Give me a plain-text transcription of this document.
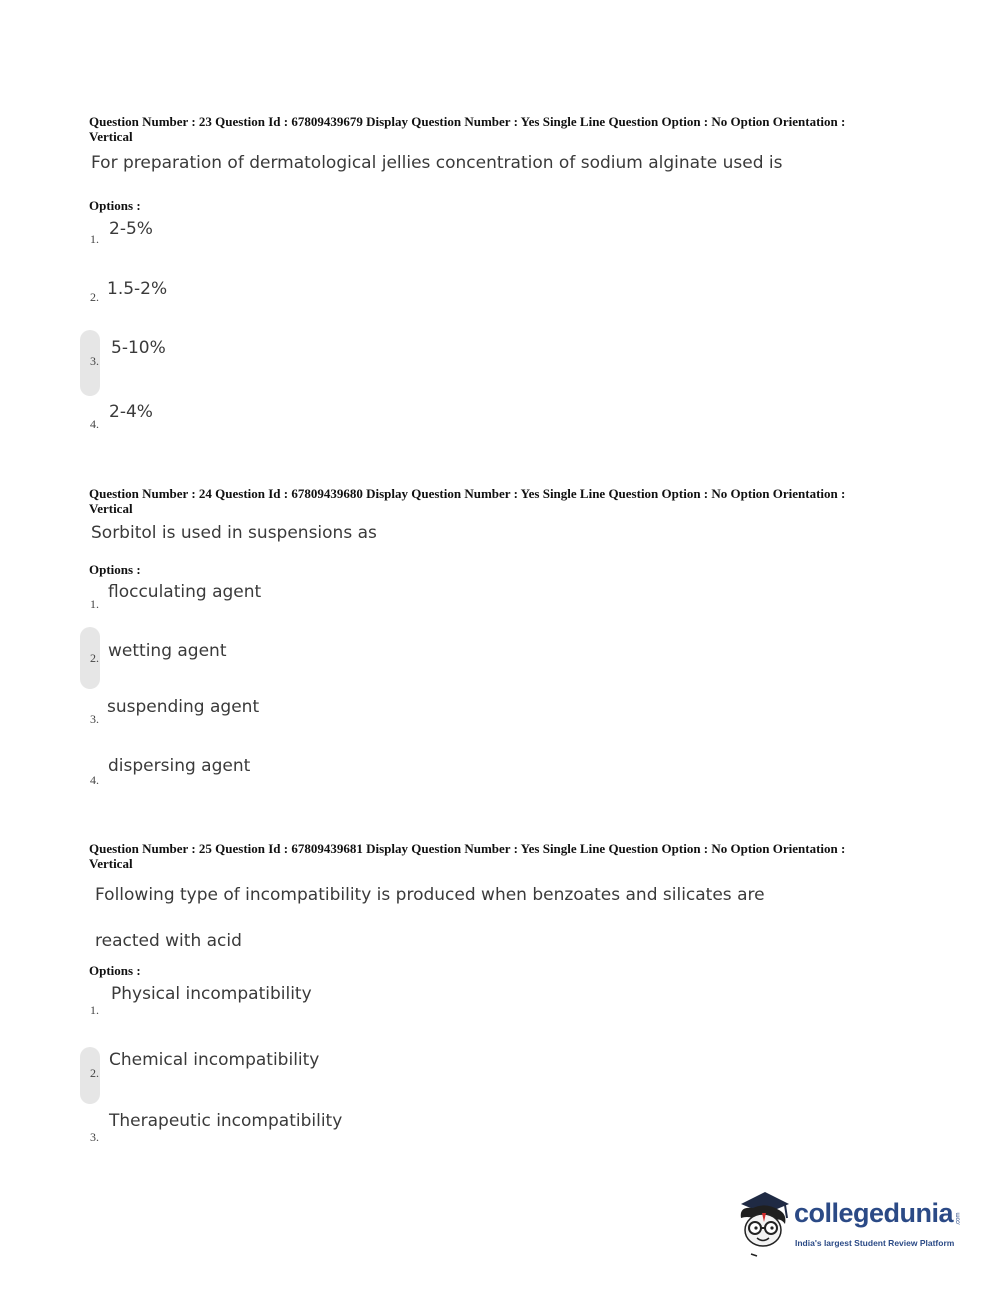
Question Number : 23 Question Id : 67809439679 Display Question Number : Yes Single Line Question Option : No Option Orientation : Vertical
For preparation of dermatological jellies concentration of sodium alginate used is
Options :
1. 2-5%
2. 1.5-2%
3.
5-10%
4.
2-4%
Question Number : 24 Question Id : 67809439680 Display Question Number : Yes Single Line Question Option : No Option Orientation : Vertical
Sorbitol is used in suspensions as
Options :
1.
flocculating agent
2. wetting agent
3.
suspending agent
4.
dispersing agent
Question Number : 25 Question Id : 67809439681 Display Question Number : Yes Single Line Question Option : No Option Orientation : Vertical
Following type of incompatibility is produced when benzoates and silicates are
reacted with acid
Options :
1.
Physical incompatibility
2.
Chemical incompatibility
3.
Therapeutic incompatibility
collegedunia .com
India's largest Student Review Platform
